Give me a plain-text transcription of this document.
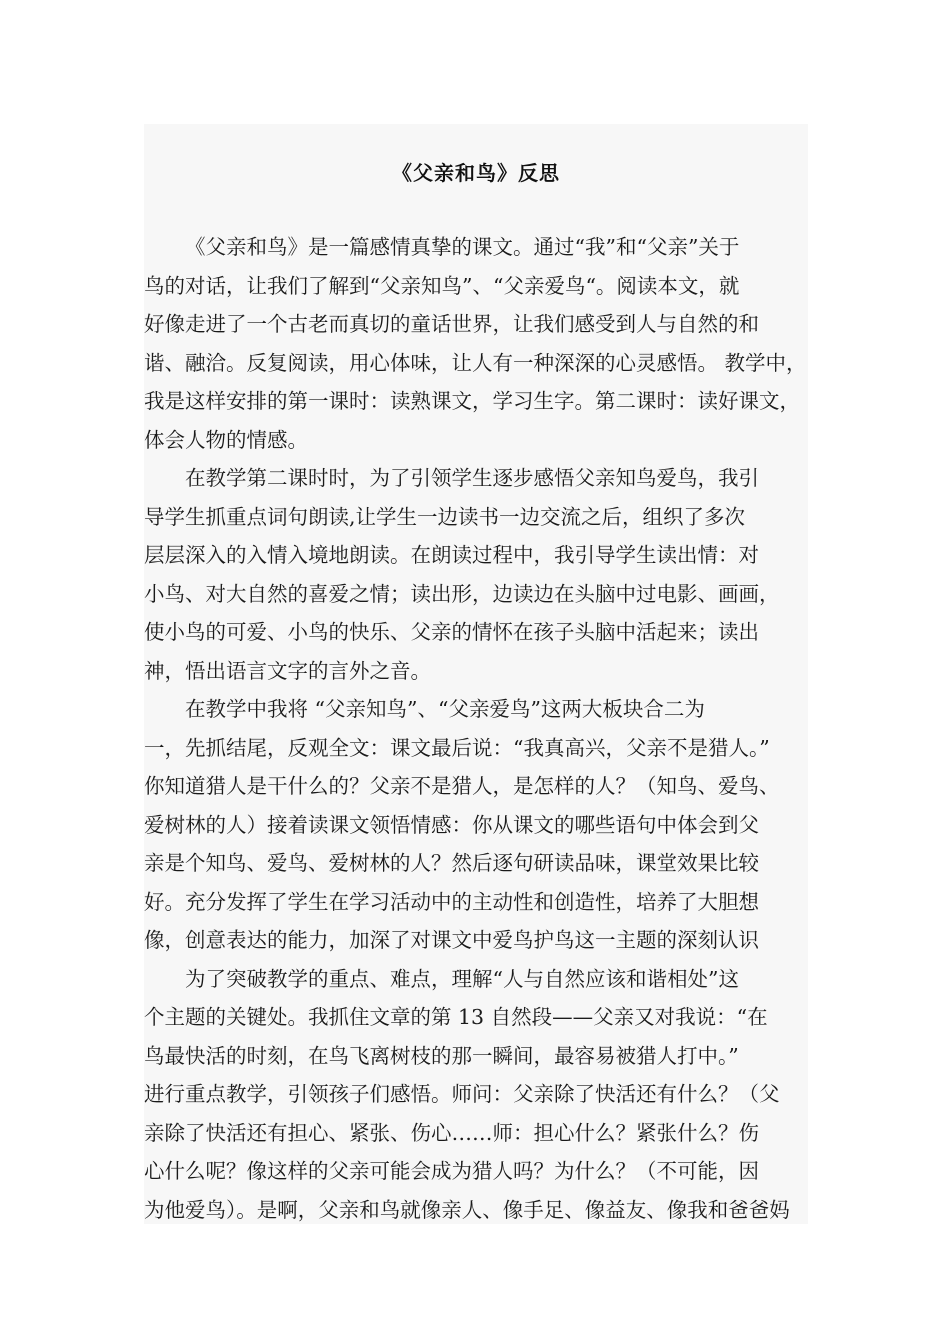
《父亲和鸟》反思
《父亲和鸟》是一篇感情真挚的课文。通过“我”和“父亲”关于
鸟的对话，让我们了解到“父亲知鸟”、“父亲爱鸟“。阅读本文，就
好像走进了一个古老而真切的童话世界，让我们感受到人与自然的和
谐、融洽。反复阅读，用心体味，让人有一种深深的心灵感悟。 教学中，
我是这样安排的第一课时：读熟课文，学习生字。第二课时：读好课文，
体会人物的情感。
在教学第二课时时，为了引领学生逐步感悟父亲知鸟爱鸟，我引
导学生抓重点词句朗读,让学生一边读书一边交流之后，组织了多次
层层深入的入情入境地朗读。在朗读过程中，我引导学生读出情：对
小鸟、对大自然的喜爱之情；读出形，边读边在头脑中过电影、画画，
使小鸟的可爱、小鸟的快乐、父亲的情怀在孩子头脑中活起来；读出
神，悟出语言文字的言外之音。
在教学中我将 “父亲知鸟”、“父亲爱鸟”这两大板块合二为
一，先抓结尾，反观全文：课文最后说：“我真高兴，父亲不是猎人。”
你知道猎人是干什么的？父亲不是猎人，是怎样的人？（知鸟、爱鸟、
爱树林的人）接着读课文领悟情感：你从课文的哪些语句中体会到父
亲是个知鸟、爱鸟、爱树林的人？然后逐句研读品味，课堂效果比较
好。充分发挥了学生在学习活动中的主动性和创造性，培养了大胆想
像，创意表达的能力，加深了对课文中爱鸟护鸟这一主题的深刻认识
为了突破教学的重点、难点，理解“人与自然应该和谐相处”这
个主题的关键处。我抓住文章的第 13 自然段——父亲又对我说：“在
鸟最快活的时刻，在鸟飞离树枝的那一瞬间，最容易被猎人打中。”
进行重点教学，引领孩子们感悟。师问：父亲除了快活还有什么？（父
亲除了快活还有担心、紧张、伤心……师：担心什么？紧张什么？伤
心什么呢？像这样的父亲可能会成为猎人吗？为什么？（不可能，因
为他爱鸟）。是啊，父亲和鸟就像亲人、像手足、像益友、像我和爸爸妈
